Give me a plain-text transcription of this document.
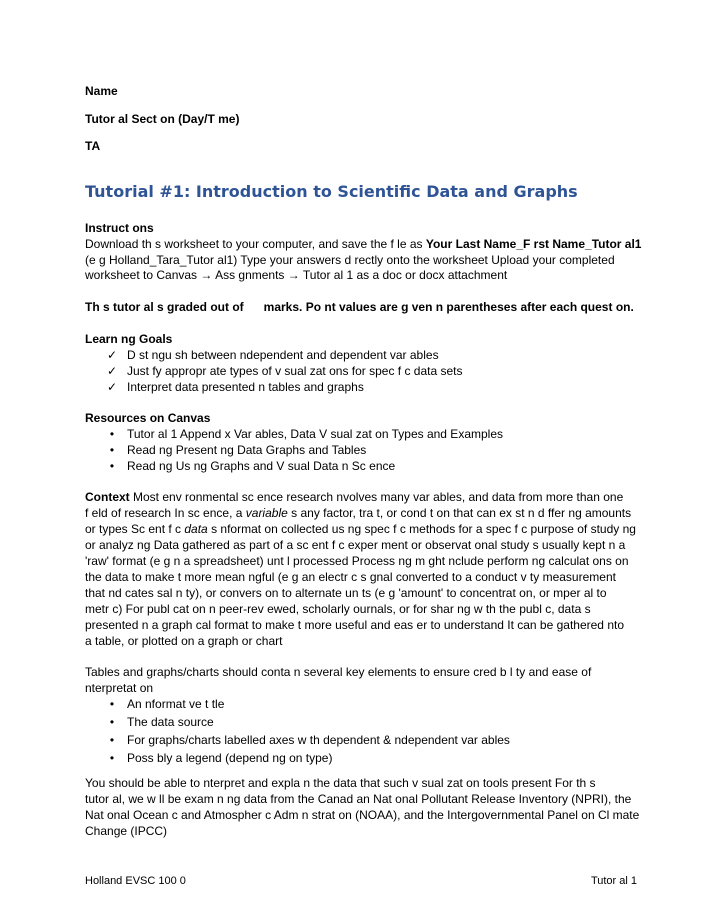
Name
Tutor al Sect on (Day/T me)
TA
Tutorial #1: Introduction to Scientific Data and Graphs
Instruct ons
Download th s worksheet to your computer, and save the f le as Your Last Name_F rst Name_Tutor al1
(e g Holland_Tara_Tutor al1) Type your answers d rectly onto the worksheet Upload your completed
worksheet to Canvas → Ass gnments → Tutor al 1 as a doc or docx attachment
Th s tutor al s graded out of marks. Po nt values are g ven n parentheses after each quest on.
Learn ng Goals
✓ D st ngu sh between ndependent and dependent var ables
✓ Just fy appropr ate types of v sual zat ons for spec f c data sets
✓ Interpret data presented n tables and graphs
Resources on Canvas
•	Tutor al 1 Append x Var ables, Data V sual zat on Types and Examples
•	Read ng Present ng Data Graphs and Tables
•	Read ng Us ng Graphs and V sual Data n Sc ence
Context Most env ronmental sc ence research nvolves many var ables, and data from more than one
f eld of research In sc ence, a variable s any factor, tra t, or cond t on that can ex st n d ffer ng amounts
or types Sc ent f c data s nformat on collected us ng spec f c methods for a spec f c purpose of study ng
or analyz ng Data gathered as part of a sc ent f c exper ment or observat onal study s usually kept n a
'raw' format (e g n a spreadsheet) unt l processed Process ng m ght nclude perform ng calculat ons on
the data to make t more mean ngful (e g an electr c s gnal converted to a conduct v ty measurement
that nd cates sal n ty), or convers on to alternate un ts (e g 'amount' to concentrat on, or mper al to
metr c) For publ cat on n peer-rev ewed, scholarly ournals, or for shar ng w th the publ c, data s
presented n a graph cal format to make t more useful and eas er to understand It can be gathered nto
a table, or plotted on a graph or chart
Tables and graphs/charts should conta n several key elements to ensure cred b l ty and ease of
nterpretat on
•	An nformat ve t tle
•	The data source
•	For graphs/charts labelled axes w th dependent & ndependent var ables
•	Poss bly a legend (depend ng on type)
You should be able to nterpret and expla n the data that such v sual zat on tools present For th s
tutor al, we w ll be exam n ng data from the Canad an Nat onal Pollutant Release Inventory (NPRI), the
Nat onal Ocean c and Atmospher c Adm n strat on (NOAA), and the Intergovernmental Panel on Cl mate
Change (IPCC)
Holland EVSC 100 0	Tutor al 1
